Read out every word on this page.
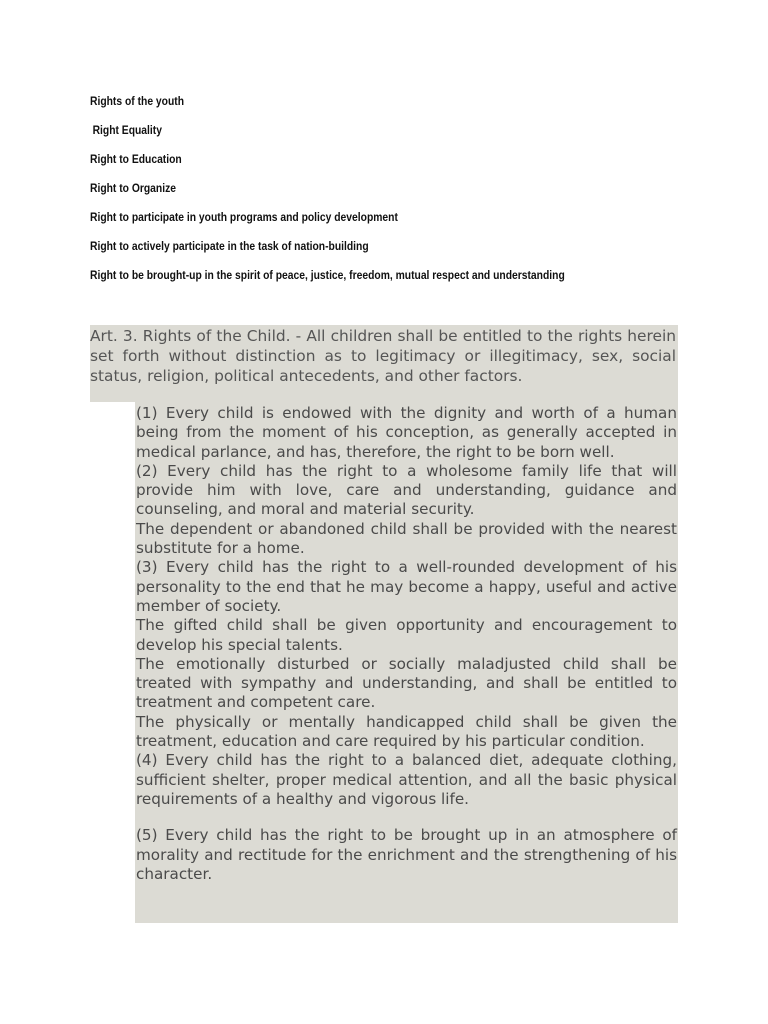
Rights of the youth
Right Equality
Right to Education
Right to Organize
Right to participate in youth programs and policy development
Right to actively participate in the task of nation-building
Right to be brought-up in the spirit of peace, justice, freedom, mutual respect and understanding

Art. 3. Rights of the Child. - All children shall be entitled to the rights herein set forth without distinction as to legitimacy or illegitimacy, sex, social status, religion, political antecedents, and other factors.

(1) Every child is endowed with the dignity and worth of a human being from the moment of his conception, as generally accepted in medical parlance, and has, therefore, the right to be born well.

(2) Every child has the right to a wholesome family life that will provide him with love, care and understanding, guidance and counseling, and moral and material security.

The dependent or abandoned child shall be provided with the nearest substitute for a home.

(3) Every child has the right to a well-rounded development of his personality to the end that he may become a happy, useful and active member of society.

The gifted child shall be given opportunity and encouragement to develop his special talents.

The emotionally disturbed or socially maladjusted child shall be treated with sympathy and understanding, and shall be entitled to treatment and competent care.

The physically or mentally handicapped child shall be given the treatment, education and care required by his particular condition.

(4) Every child has the right to a balanced diet, adequate clothing, sufficient shelter, proper medical attention, and all the basic physical requirements of a healthy and vigorous life.

(5) Every child has the right to be brought up in an atmosphere of morality and rectitude for the enrichment and the strengthening of his character.
